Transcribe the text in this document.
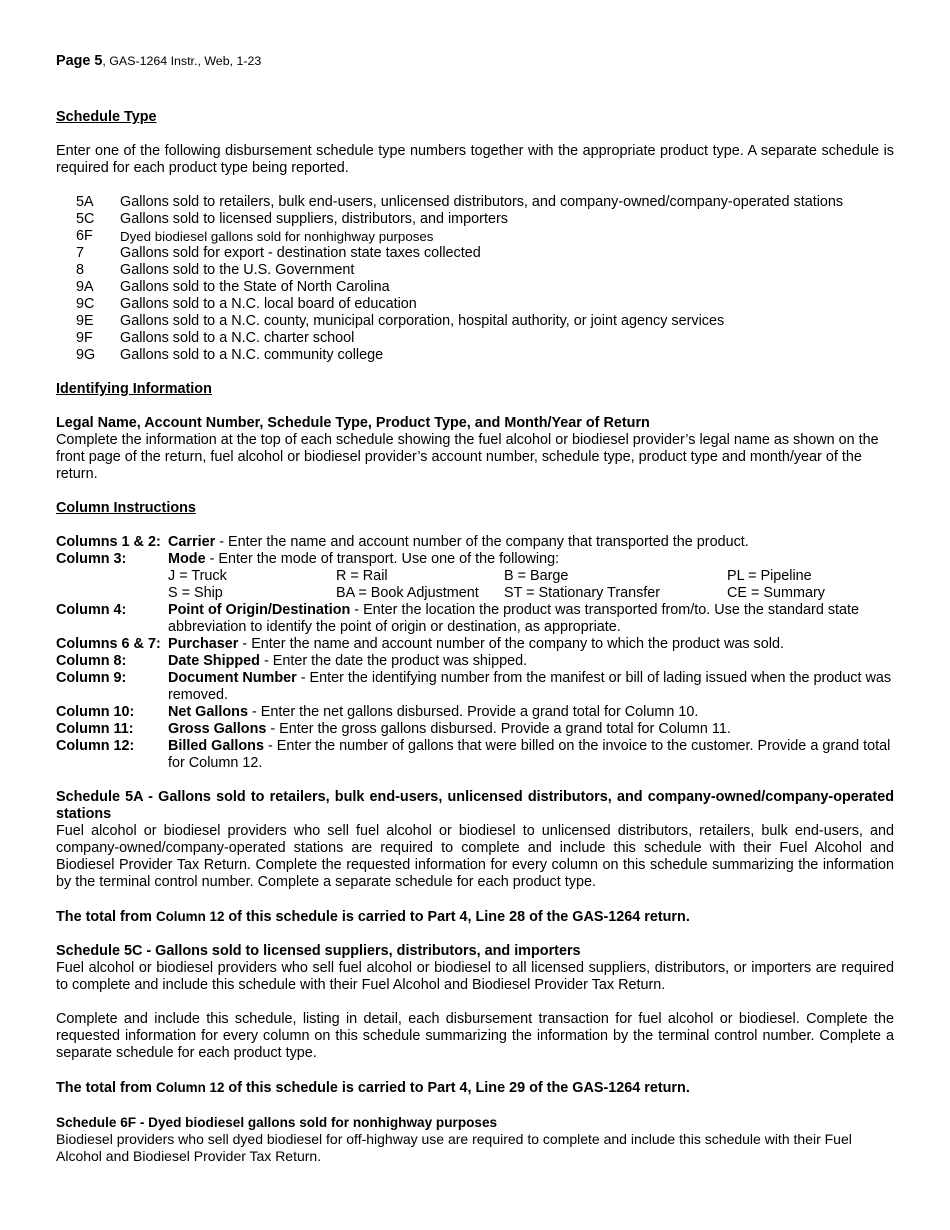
Page 5, GAS-1264 Instr., Web, 1-23

Schedule Type

Enter one of the following disbursement schedule type numbers together with the appropriate product type. A separate schedule is required for each product type being reported.

5A	Gallons sold to retailers, bulk end-users, unlicensed distributors, and company-owned/company-operated stations
5C	Gallons sold to licensed suppliers, distributors, and importers
6F	Dyed biodiesel gallons sold for nonhighway purposes
7	Gallons sold for export - destination state taxes collected
8	Gallons sold to the U.S. Government
9A	Gallons sold to the State of North Carolina
9C	Gallons sold to a N.C. local board of education
9E	Gallons sold to a N.C. county, municipal corporation, hospital authority, or joint agency services
9F	Gallons sold to a N.C. charter school
9G	Gallons sold to a N.C. community college

Identifying Information

Legal Name, Account Number, Schedule Type, Product Type, and Month/Year of Return

Complete the information at the top of each schedule showing the fuel alcohol or biodiesel provider’s legal name as shown on the front page of the return, fuel alcohol or biodiesel provider’s account number, schedule type, product type and month/year of the return.

Column Instructions

Columns 1 & 2: Carrier - Enter the name and account number of the company that transported the product.
Column 3:	Mode - Enter the mode of transport. Use one of the following:
J = Truck	R = Rail	B = Barge	PL = Pipeline
S = Ship	BA = Book Adjustment	ST = Stationary Transfer	CE = Summary
Column 4:	Point of Origin/Destination - Enter the location the product was transported from/to. Use the standard state abbreviation to identify the point of origin or destination, as appropriate.
Columns 6 & 7: Purchaser - Enter the name and account number of the company to which the product was sold.
Column 8:	Date Shipped - Enter the date the product was shipped.
Column 9:	Document Number - Enter the identifying number from the manifest or bill of lading issued when the product was removed.
Column 10:	Net Gallons - Enter the net gallons disbursed. Provide a grand total for Column 10.
Column 11:	Gross Gallons - Enter the gross gallons disbursed. Provide a grand total for Column 11.
Column 12:	Billed Gallons - Enter the number of gallons that were billed on the invoice to the customer. Provide a grand total for Column 12.

Schedule 5A - Gallons sold to retailers, bulk end-users, unlicensed distributors, and company-owned/company-operated stations

Fuel alcohol or biodiesel providers who sell fuel alcohol or biodiesel to unlicensed distributors, retailers, bulk end-users, and company-owned/company-operated stations are required to complete and include this schedule with their Fuel Alcohol and Biodiesel Provider Tax Return. Complete the requested information for every column on this schedule summarizing the information by the terminal control number. Complete a separate schedule for each product type.

The total from Column 12 of this schedule is carried to Part 4, Line 28 of the GAS-1264 return.

Schedule 5C - Gallons sold to licensed suppliers, distributors, and importers

Fuel alcohol or biodiesel providers who sell fuel alcohol or biodiesel to all licensed suppliers, distributors, or importers are required to complete and include this schedule with their Fuel Alcohol and Biodiesel Provider Tax Return.

Complete and include this schedule, listing in detail, each disbursement transaction for fuel alcohol or biodiesel. Complete the requested information for every column on this schedule summarizing the information by the terminal control number. Complete a separate schedule for each product type.

The total from Column 12 of this schedule is carried to Part 4, Line 29 of the GAS-1264 return.

Schedule 6F - Dyed biodiesel gallons sold for nonhighway purposes

Biodiesel providers who sell dyed biodiesel for off-highway use are required to complete and include this schedule with their Fuel Alcohol and Biodiesel Provider Tax Return.
